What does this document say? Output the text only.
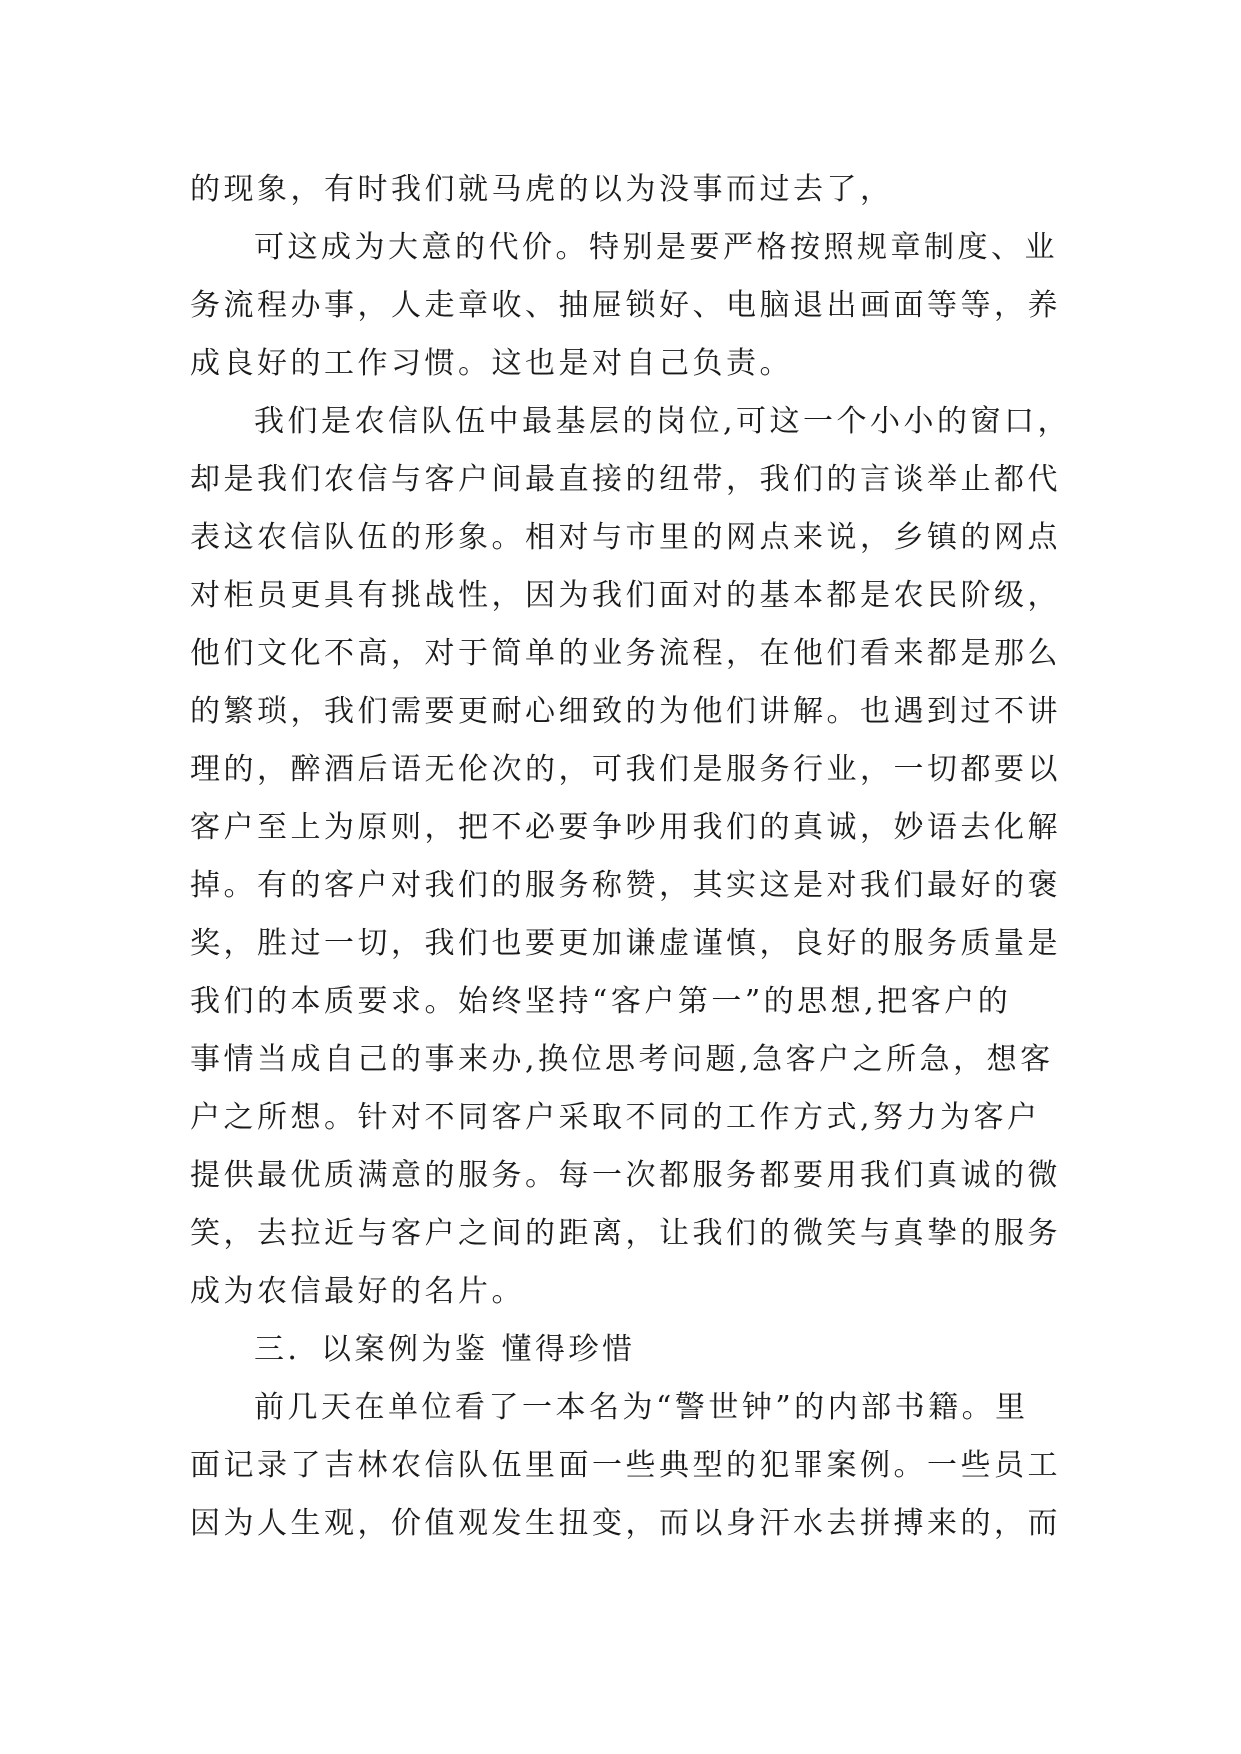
的现象，有时我们就马虎的以为没事而过去了，
可这成为大意的代价。特别是要严格按照规章制度、业
务流程办事，人走章收、抽屉锁好、电脑退出画面等等，养
成良好的工作习惯。这也是对自己负责。
我们是农信队伍中最基层的岗位,可这一个小小的窗口，
却是我们农信与客户间最直接的纽带，我们的言谈举止都代
表这农信队伍的形象。相对与市里的网点来说，乡镇的网点
对柜员更具有挑战性，因为我们面对的基本都是农民阶级，
他们文化不高，对于简单的业务流程，在他们看来都是那么
的繁琐，我们需要更耐心细致的为他们讲解。也遇到过不讲
理的，醉酒后语无伦次的，可我们是服务行业，一切都要以
客户至上为原则，把不必要争吵用我们的真诚，妙语去化解
掉。有的客户对我们的服务称赞，其实这是对我们最好的褒
奖，胜过一切，我们也要更加谦虚谨慎，良好的服务质量是
我们的本质要求。始终坚持“客户第一”的思想,把客户的
事情当成自己的事来办,换位思考问题,急客户之所急，想客
户之所想。针对不同客户采取不同的工作方式,努力为客户
提供最优质满意的服务。每一次都服务都要用我们真诚的微
笑，去拉近与客户之间的距离，让我们的微笑与真挚的服务
成为农信最好的名片。
三．以案例为鉴 懂得珍惜
前几天在单位看了一本名为“警世钟”的内部书籍。里
面记录了吉林农信队伍里面一些典型的犯罪案例。一些员工
因为人生观，价值观发生扭变，而以身汗水去拼搏来的，而
